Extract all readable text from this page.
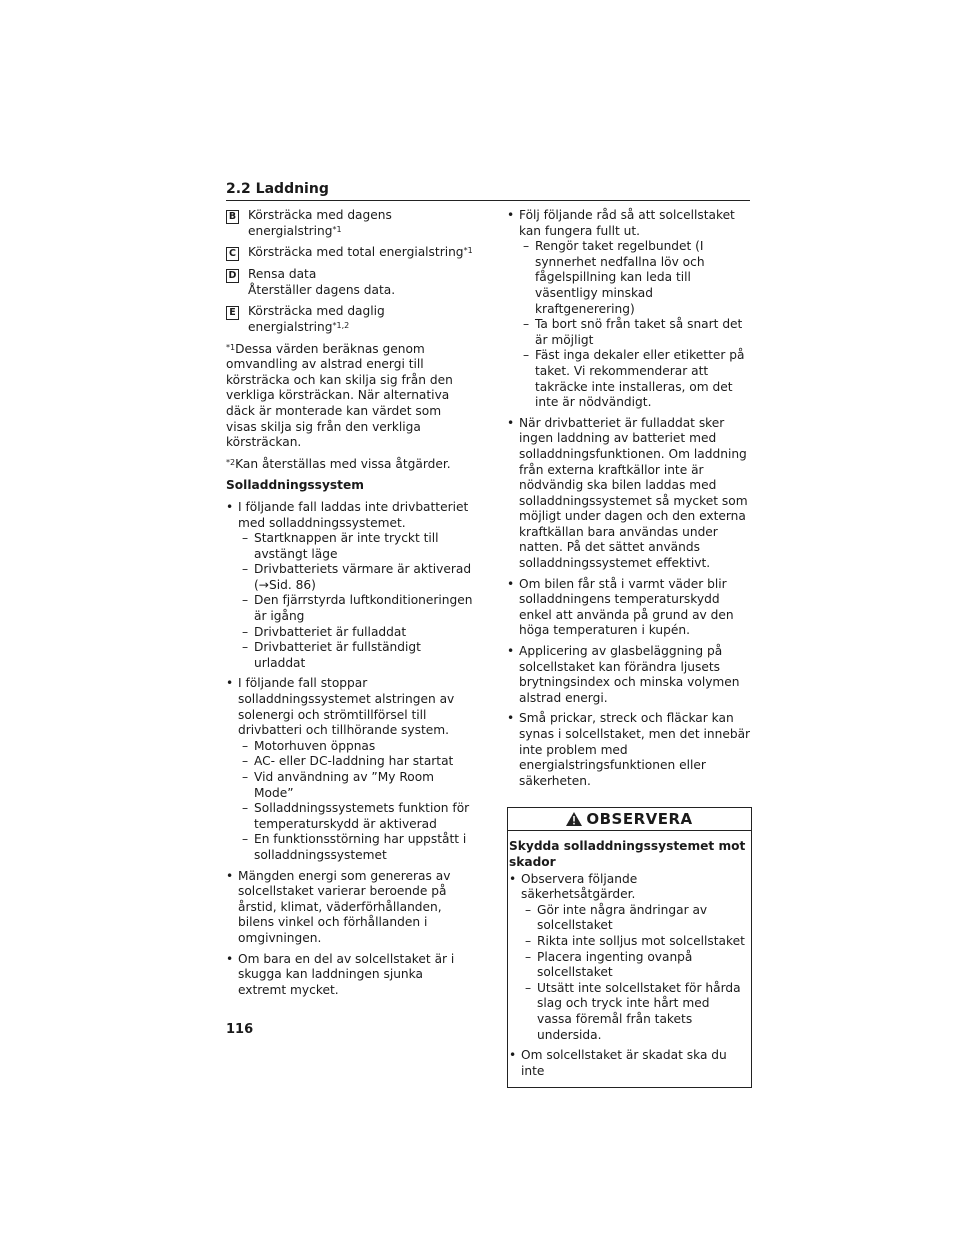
2.2 Laddning
B Körsträcka med dagens energialstring$^{*1}$
C Körsträcka med total energialstring$^{*1}$
D Rensa data
Återställer dagens data.
E Körsträcka med daglig energialstring$^{*1,2}$
$^{*1}$Dessa värden beräknas genom omvandling av alstrad energi till körsträcka och kan skilja sig från den verkliga körsträckan. När alternativa däck är monterade kan värdet som visas skilja sig från den verkliga körsträckan.
$^{*2}$Kan återställas med vissa åtgärder.
Solladdningssystem
• I följande fall laddas inte drivbatteriet med solladdningssystemet.
– Startknappen är inte tryckt till avstängt läge
– Drivbatteriets värmare är aktiverad (→Sid. 86)
– Den fjärrstyrda luftkonditioneringen är igång
– Drivbatteriet är fulladdat
– Drivbatteriet är fullständigt urladdat
• I följande fall stoppar solladdningssystemet alstringen av solenergi och strömtillförsel till drivbatteri och tillhörande system.
– Motorhuven öppnas
– AC- eller DC-laddning har startat
– Vid användning av ”My Room Mode”
– Solladdningssystemets funktion för temperaturskydd är aktiverad
– En funktionsstörning har uppstått i solladdningssystemet
• Mängden energi som genereras av solcellstaket varierar beroende på årstid, klimat, väderförhållanden, bilens vinkel och förhållanden i omgivningen.
• Om bara en del av solcellstaket är i skugga kan laddningen sjunka extremt mycket.
• Följ följande råd så att solcellstaket kan fungera fullt ut.
– Rengör taket regelbundet (I synnerhet nedfallna löv och fågelspillning kan leda till väsentligy minskad kraftgenerering)
– Ta bort snö från taket så snart det är möjligt
– Fäst inga dekaler eller etiketter på taket. Vi rekommenderar att takräcke inte installeras, om det inte är nödvändigt.
• När drivbatteriet är fulladdat sker ingen laddning av batteriet med solladdningsfunktionen. Om laddning från externa kraftkällor inte är nödvändig ska bilen laddas med solladdningssystemet så mycket som möjligt under dagen och den externa kraftkällan bara användas under natten. På det sättet används solladdningssystemet effektivt.
• Om bilen får stå i varmt väder blir solladdningens temperaturskydd enkel att använda på grund av den höga temperaturen i kupén.
• Applicering av glasbeläggning på solcellstaket kan förändra ljusets brytningsindex och minska volymen alstrad energi.
• Små prickar, streck och fläckar kan synas i solcellstaket, men det innebär inte problem med energialstringsfunktionen eller säkerheten.
OBSERVERA
Skydda solladdningssystemet mot skador
• Observera följande säkerhetsåtgärder.
– Gör inte några ändringar av solcellstaket
– Rikta inte solljus mot solcellstaket
– Placera ingenting ovanpå solcellstaket
– Utsätt inte solcellstaket för hårda slag och tryck inte hårt med vassa föremål från takets undersida.
• Om solcellstaket är skadat ska du inte
116
